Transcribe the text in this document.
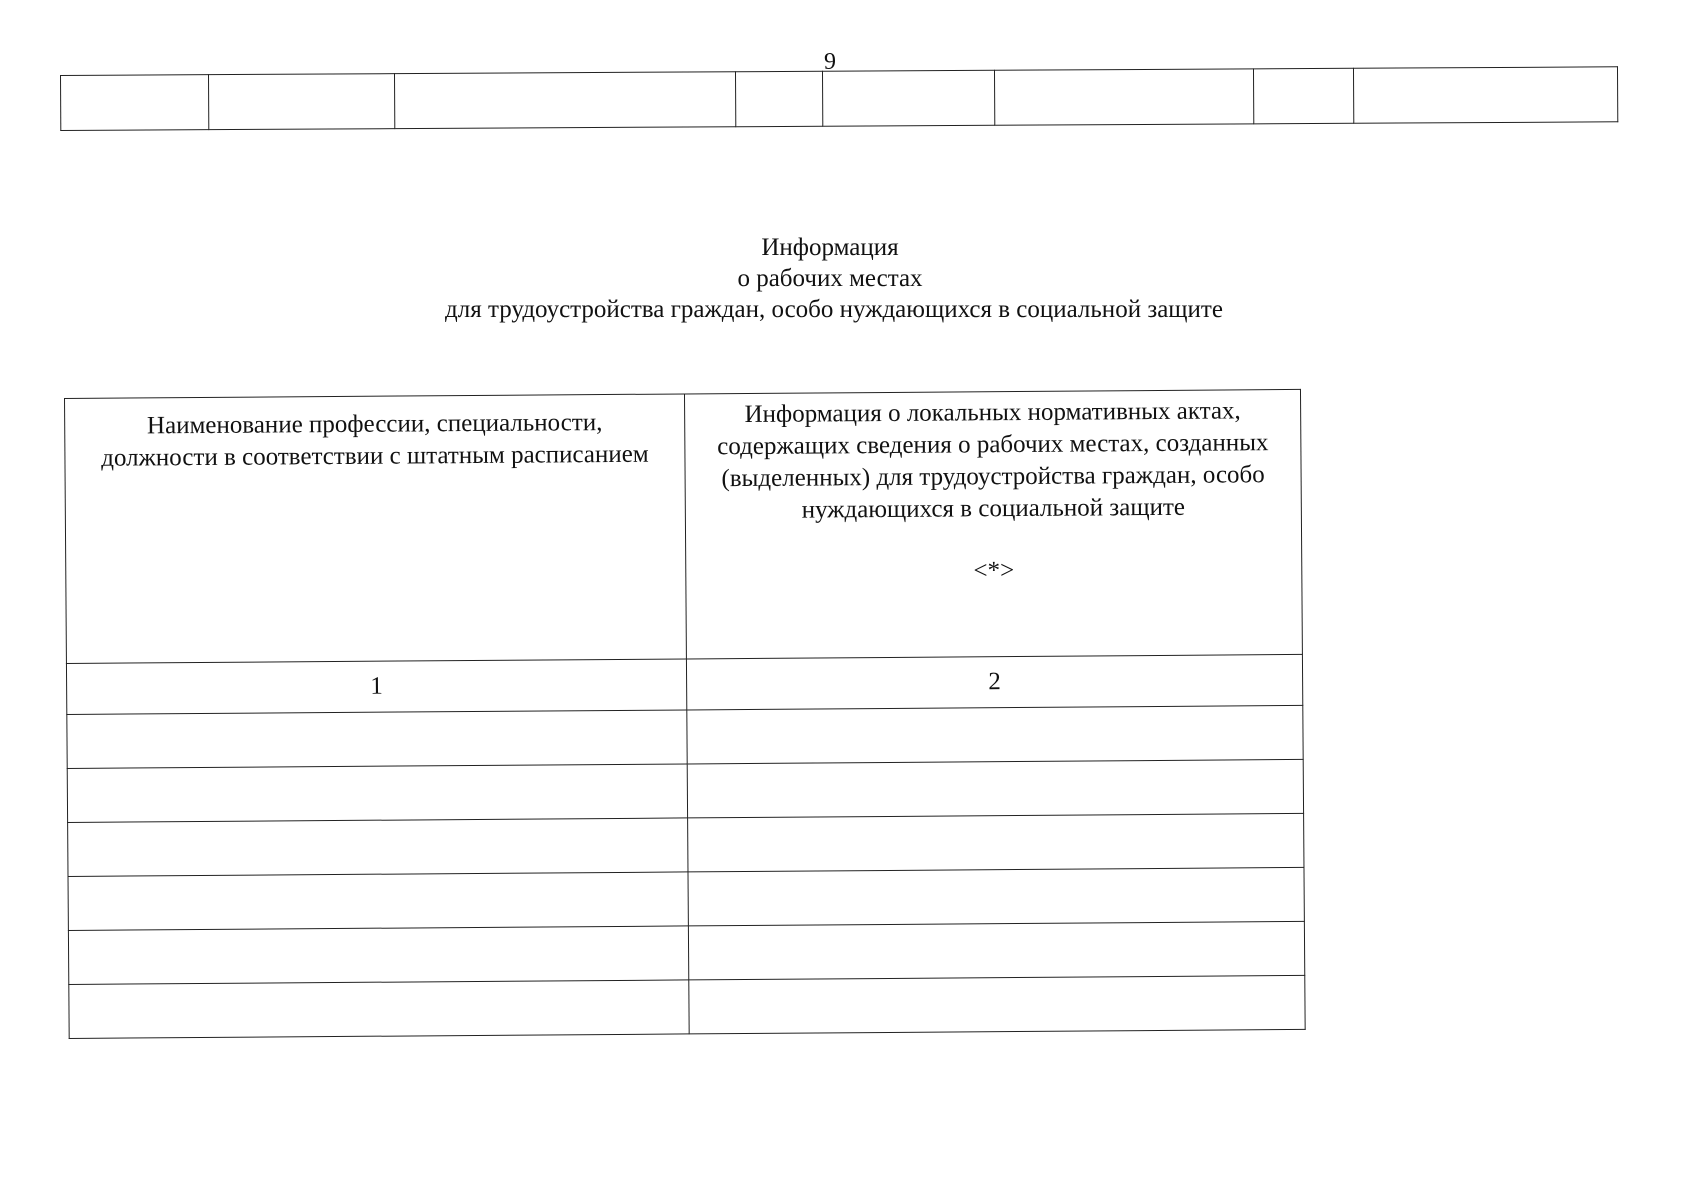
9

Информация
о рабочих местах
для трудоустройства граждан, особо нуждающихся в социальной защите
Наименование профессии, специальности, должности в соответствии с штатным расписанием	Информация о локальных нормативных актах, содержащих сведения о рабочих местах, созданных (выделенных) для трудоустройства граждан, особо нуждающихся в социальной защите
<*>

1	2
